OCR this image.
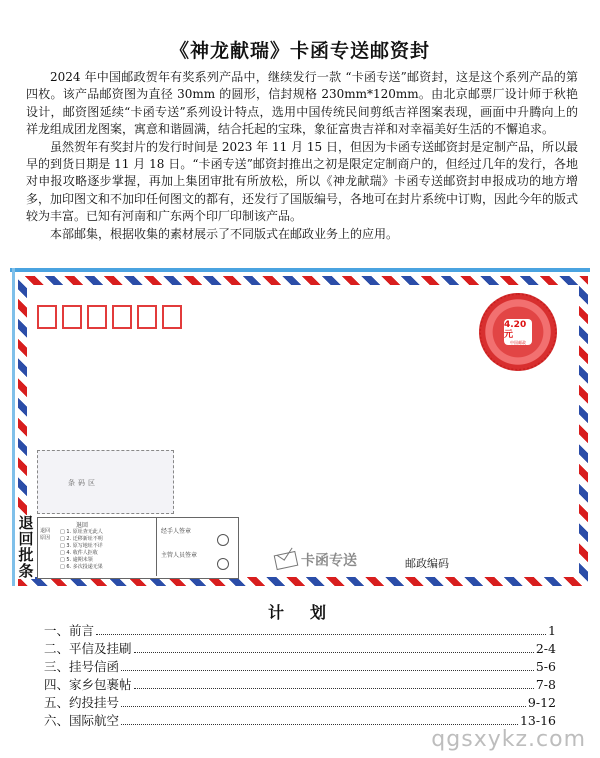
《神龙献瑞》卡函专送邮资封

2024 年中国邮政贺年有奖系列产品中，继续发行一款 “卡函专送”邮资封，这是这个系列产品的第四枚。该产品邮资图为直径 30mm 的圆形，信封规格 230mm*120mm。由北京邮票厂设计师于秋艳设计，邮资图延续“卡函专送”系列设计特点，选用中国传统民间剪纸吉祥图案表现，画面中升腾向上的祥龙组成团龙图案，寓意和谐圆满，结合托起的宝珠，象征富贵吉祥和对幸福美好生活的不懈追求。

虽然贺年有奖封片的发行时间是 2023 年 11 月 15 日，但因为卡函专送邮资封是定制产品，所以最早的到货日期是 11 月 18 日。“卡函专送”邮资封推出之初是限定定制商户的，但经过几年的发行，各地对申报攻略逐步掌握，再加上集团审批有所放松，所以《神龙献瑞》卡函专送邮资封申报成功的地方增多，加印图文和不加印任何图文的都有，还发行了国版编号，各地可在封片系统中订购，因此今年的版式较为丰富。已知有河南和广东两个印厂印制该产品。

本部邮集，根据收集的素材展示了不同版式在邮政业务上的应用。

4.20元
中国邮政
条码区
退回
退回原因
□ 1. 原址查无此人
□ 2. 迁移新址不明
□ 3. 原写地址不详
□ 4. 收件人拒收
□ 5. 逾期未领
□ 6. 多次投递无果
经手人签章
主管人员签章
退回批条
卡函专送	邮政编码
计划
一、前言	1
二、平信及挂刷	2-4
三、挂号信函	5-6
四、家乡包裹帖	7-8
五、约投挂号	9-12
六、国际航空	13-16
qgsxykz.com
